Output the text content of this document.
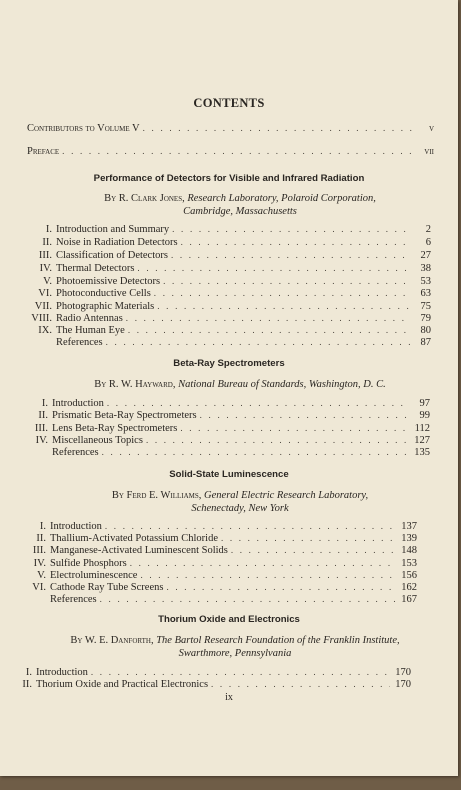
CONTENTS
Contributors to Volume V . . .	v
Preface . . .	vii
Performance of Detectors for Visible and Infrared Radiation
By R. Clark Jones, Research Laboratory, Polaroid Corporation,
Cambridge, Massachusetts
I. Introduction and Summary . . .	2
II. Noise in Radiation Detectors . . .	6
III. Classification of Detectors . . .	27
IV. Thermal Detectors . . .	38
V. Photoemissive Detectors . . .	53
VI. Photoconductive Cells . . .	63
VII. Photographic Materials . . .	75
VIII. Radio Antennas . . .	79
IX. The Human Eye . . .	80
References . . .	87
Beta-Ray Spectrometers
By R. W. Hayward, National Bureau of Standards, Washington, D. C.
I. Introduction . . .	97
II. Prismatic Beta-Ray Spectrometers . . .	99
III. Lens Beta-Ray Spectrometers . . .	112
IV. Miscellaneous Topics . . .	127
References . . .	135
Solid-State Luminescence
By Ferd E. Williams, General Electric Research Laboratory,
Schenectady, New York
I. Introduction . . .	137
II. Thallium-Activated Potassium Chloride . . .	139
III. Manganese-Activated Luminescent Solids . . .	148
IV. Sulfide Phosphors . . .	153
V. Electroluminescence . . .	156
VI. Cathode Ray Tube Screens . . .	162
References . . .	167
Thorium Oxide and Electronics
By W. E. Danforth, The Bartol Research Foundation of the Franklin Institute,
Swarthmore, Pennsylvania
I. Introduction . . .	170
II. Thorium Oxide and Practical Electronics . . .	170
ix
